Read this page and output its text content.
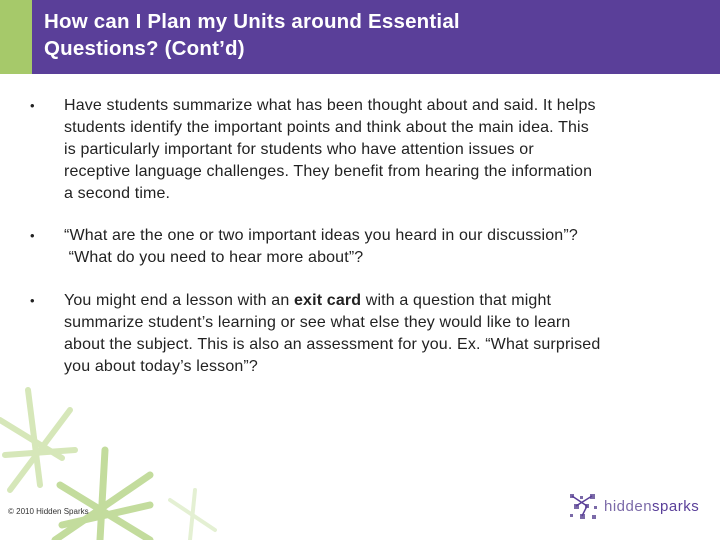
How can I Plan my Units around Essential
Questions? (Cont’d)
•	Have students summarize what has been thought about and said. It helps
students identify the important points and think about the main idea. This
is particularly important for students who have attention issues or
receptive language challenges. They benefit from hearing the information
a second time.
•	“What are the one or two important ideas you heard in our discussion”?
“What do you need to hear more about”?
•	You might end a lesson with an exit card with a question that might
summarize student’s learning or see what else they would like to learn
about the subject. This is also an assessment for you. Ex. “What surprised
you about today’s lesson”?
© 2010 Hidden Sparks	hiddensparks
